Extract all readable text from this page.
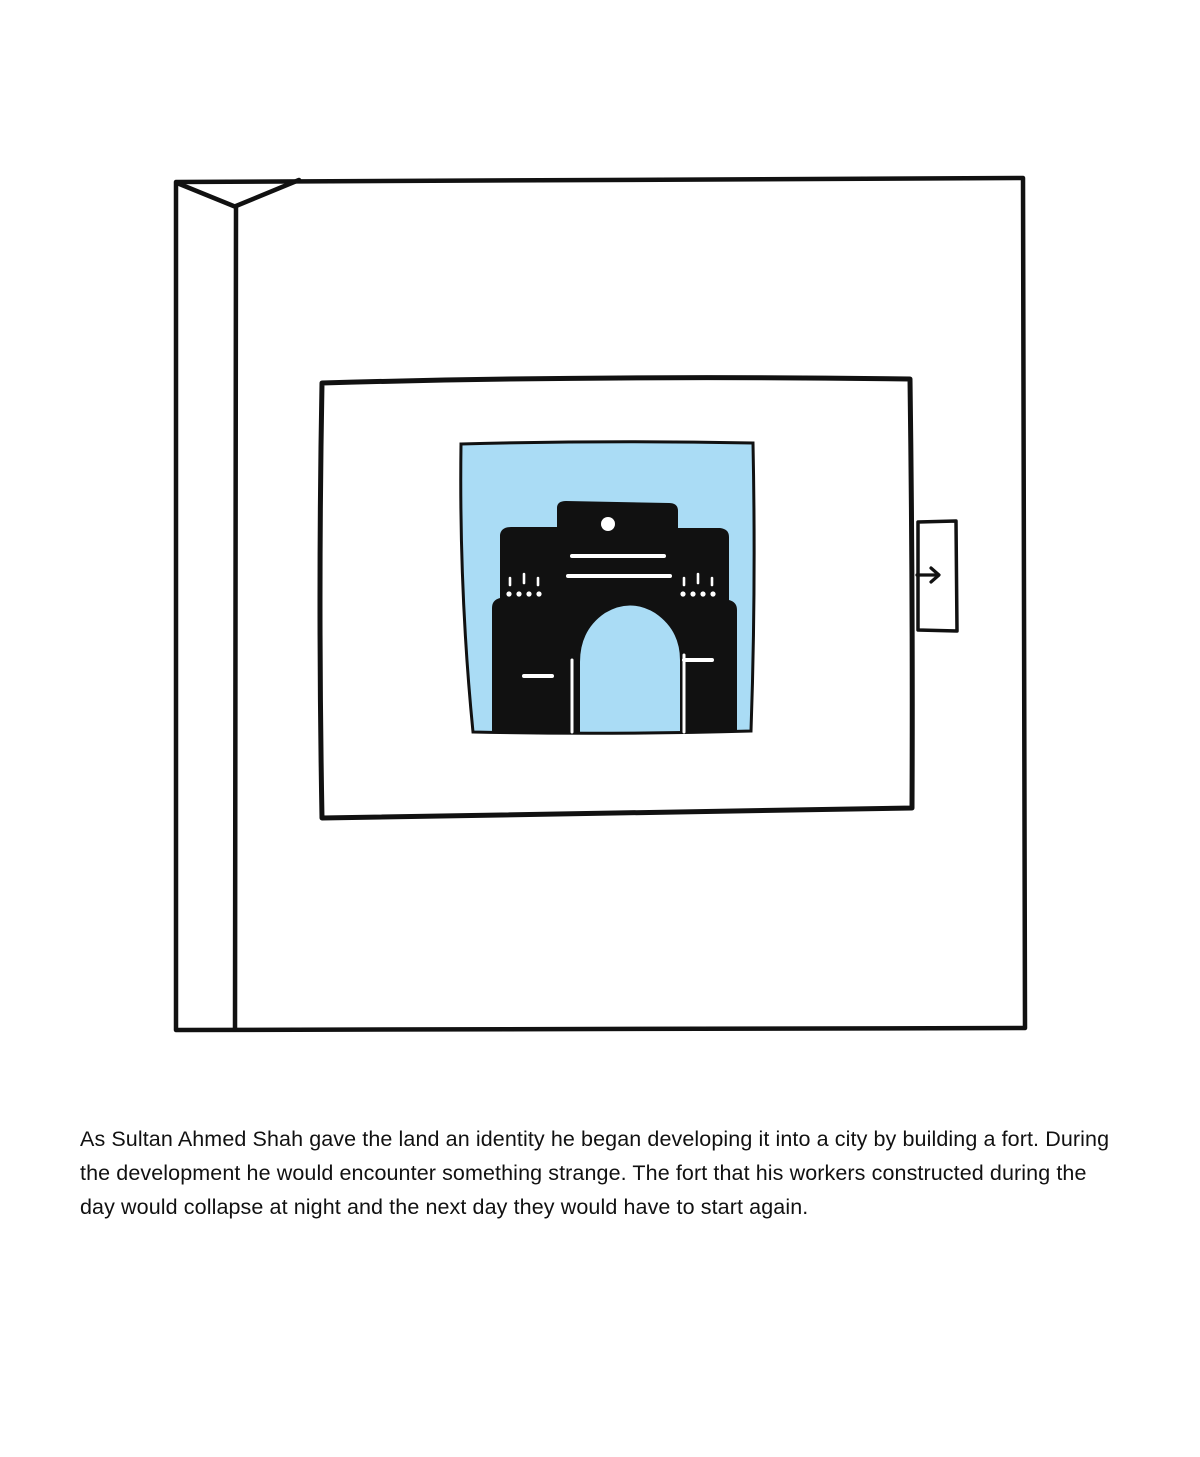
As Sultan Ahmed Shah gave the land an identity he began developing it into a city by building a fort. During the development he would encounter something strange. The fort that his workers constructed during the day would collapse at night and the next day they would have to start again.
